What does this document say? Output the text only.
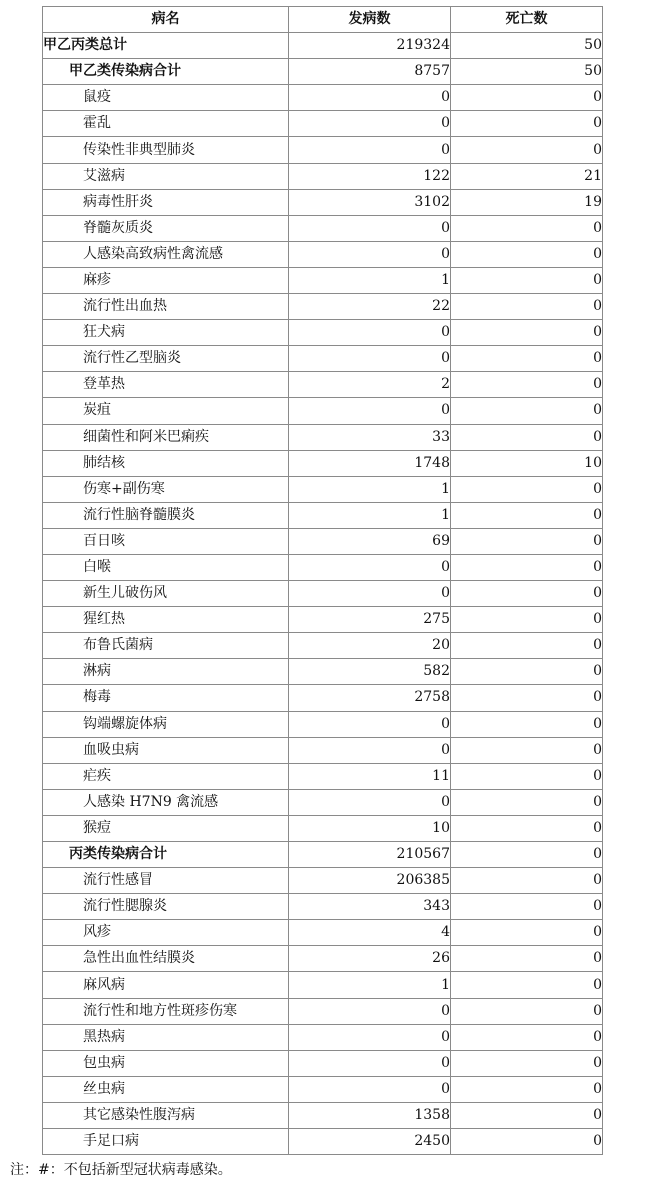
病名	发病数	死亡数
甲乙丙类总计	219324	50
甲乙类传染病合计	8757	50
鼠疫	0	0
霍乱	0	0
传染性非典型肺炎	0	0
艾滋病	122	21
病毒性肝炎	3102	19
脊髓灰质炎	0	0
人感染高致病性禽流感	0	0
麻疹	1	0
流行性出血热	22	0
狂犬病	0	0
流行性乙型脑炎	0	0
登革热	2	0
炭疽	0	0
细菌性和阿米巴痢疾	33	0
肺结核	1748	10
伤寒+副伤寒	1	0
流行性脑脊髓膜炎	1	0
百日咳	69	0
白喉	0	0
新生儿破伤风	0	0
猩红热	275	0
布鲁氏菌病	20	0
淋病	582	0
梅毒	2758	0
钩端螺旋体病	0	0
血吸虫病	0	0
疟疾	11	0
人感染 H7N9 禽流感	0	0
猴痘	10	0
丙类传染病合计	210567	0
流行性感冒	206385	0
流行性腮腺炎	343	0
风疹	4	0
急性出血性结膜炎	26	0
麻风病	1	0
流行性和地方性斑疹伤寒	0	0
黑热病	0	0
包虫病	0	0
丝虫病	0	0
其它感染性腹泻病	1358	0
手足口病	2450	0
注：#：不包括新型冠状病毒感染。
